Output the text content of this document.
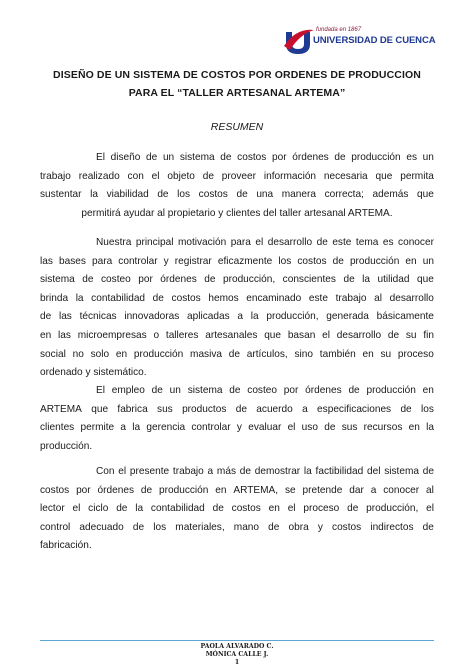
fundada en 1867
UNIVERSIDAD DE CUENCA
DISEÑO DE UN SISTEMA DE COSTOS POR ORDENES DE PRODUCCION
PARA EL “TALLER ARTESANAL ARTEMA”
RESUMEN
El diseño de un sistema de costos por órdenes de producción es un
trabajo realizado con el objeto de proveer información necesaria que permita
sustentar la viabilidad de los costos de una manera correcta; además que
permitirá ayudar al propietario y clientes del taller artesanal ARTEMA.
Nuestra principal motivación para el desarrollo de este tema es conocer
las bases para controlar y registrar eficazmente los costos de producción en un
sistema de costeo por órdenes de producción, conscientes de la utilidad que
brinda la contabilidad de costos hemos encaminado este trabajo al desarrollo
de las técnicas innovadoras aplicadas a la producción, generada básicamente
en las microempresas o talleres artesanales que basan el desarrollo de su fin
social no solo en producción masiva de artículos, sino también en su proceso
ordenado y sistemático.
El empleo de un sistema de costeo por órdenes de producción en
ARTEMA que fabrica sus productos de acuerdo a especificaciones de los
clientes permite a la gerencia controlar y evaluar el uso de sus recursos en la
producción.
Con el presente trabajo a más de demostrar la factibilidad del sistema de
costos por órdenes de producción en ARTEMA, se pretende dar a conocer al
lector el ciclo de la contabilidad de costos en el proceso de producción, el
control adecuado de los materiales, mano de obra y costos indirectos de
fabricación.
PAOLA ALVARADO C.
MÓNICA CALLE J.
1
